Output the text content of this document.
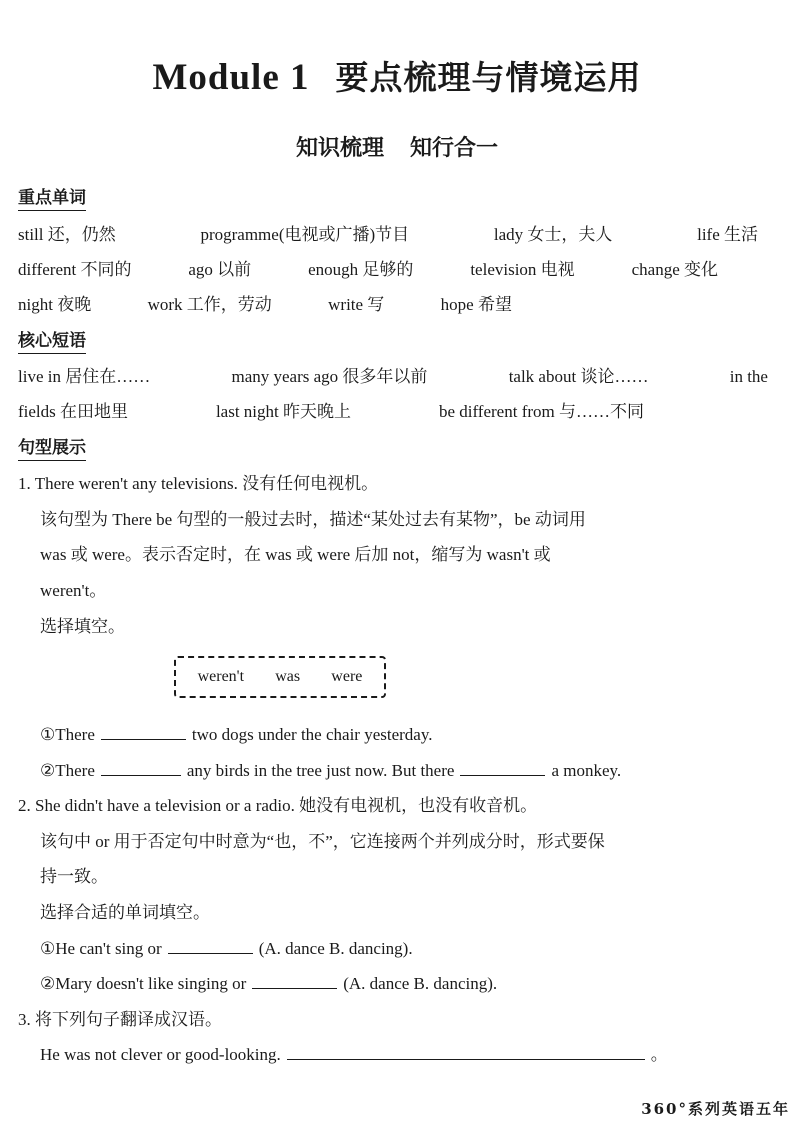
Module 1 要点梳理与情境运用
知识梳理 知行合一
重点单词
still 还，仍然	programme(电视或广播)节目	lady 女士，夫人	life 生活
different 不同的	ago 以前	enough 足够的	television 电视	change 变化
night 夜晚	work 工作，劳动	write 写	hope 希望
核心短语
live in 居住在……	many years ago 很多年以前	talk about 谈论……	in the
fields 在田地里	last night 昨天晚上	be different from 与……不同
句型展示
1. There weren't any televisions. 没有任何电视机。
该句型为 There be 句型的一般过去时，描述“某处过去有某物”，be 动词用
was 或 were。表示否定时，在 was 或 were 后加 not，缩写为 wasn't 或
weren't。
选择填空。
weren't was were
①There	two dogs under the chair yesterday.
②There	any birds in the tree just now. But there	a monkey.
2. She didn't have a television or a radio. 她没有电视机，也没有收音机。
该句中 or 用于否定句中时意为“也，不”，它连接两个并列成分时，形式要保
持一致。
选择合适的单词填空。
①He can't sing or	(A. dance B. dancing).
②Mary doesn't like singing or	(A. dance B. dancing).
3. 将下列句子翻译成汉语。
He was not clever or good-looking.	。
360°系列英语五年
